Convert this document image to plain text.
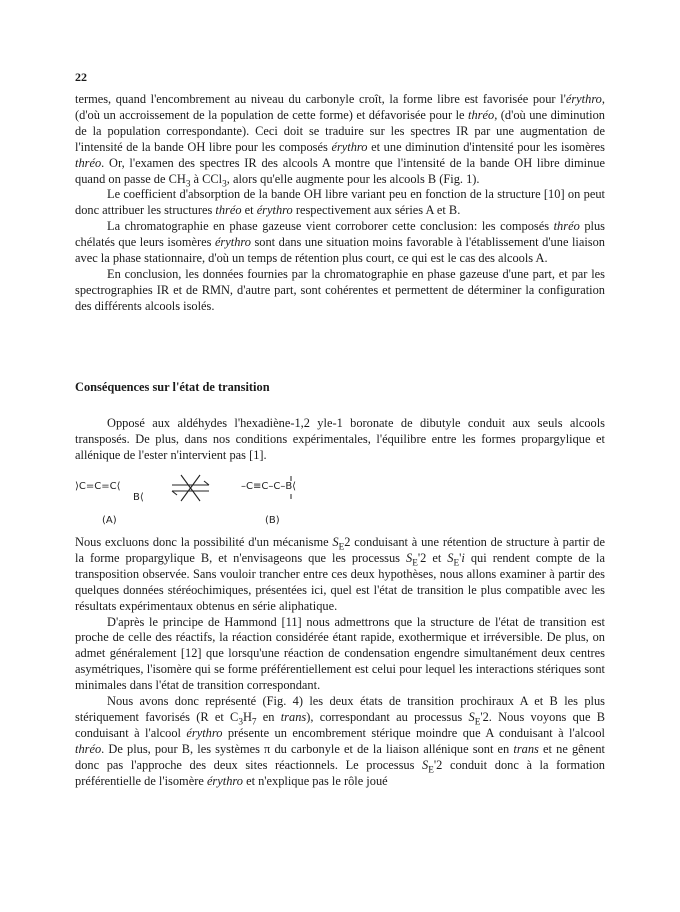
22

termes, quand l'encombrement au niveau du carbonyle croît, la forme libre est favorisée pour l'érythro, (d'où un accroissement de la population de cette forme) et défavorisée pour le thréo, (d'où une diminution de la population correspondante). Ceci doit se traduire sur les spectres IR par une augmentation de l'intensité de la bande OH libre pour les composés érythro et une diminution d'intensité pour les isomères thréo. Or, l'examen des spectres IR des alcools A montre que l'intensité de la bande OH libre diminue quand on passe de $CH_3$ à CCl$_3$, alors qu'elle augmente pour les alcools B (Fig. 1).

Le coefficient d'absorption de la bande OH libre variant peu en fonction de la structure [10] on peut donc attribuer les structures thréo et érythro respectivement aux séries A et B.

La chromatographie en phase gazeuse vient corroborer cette conclusion: les composés thréo plus chélatés que leurs isomères érythro sont dans une situation moins favorable à l'établissement d'une liaison avec la phase stationnaire, d'où un temps de rétention plus court, ce qui est le cas des alcools A.

En conclusion, les données fournies par la chromatographie en phase gazeuse d'une part, et par les spectrographies IR et de RMN, d'autre part, sont cohérentes et permettent de déterminer la configuration des différents alcools isolés.

Conséquences sur l'état de transition

Opposé aux aldéhydes l'hexadiène-1,2 yle-1 boronate de dibutyle conduit aux seuls alcools transposés. De plus, dans nos conditions expérimentales, l'équilibre entre les formes propargylique et allénique de l'ester n'intervient pas [1].

⟩C=C=C⟨
B⟨
–C≡C–C–B⟨
(A)	(B)

Nous excluons donc la possibilité d'un mécanisme $S_E2$ conduisant à une rétention de structure à partir de la forme propargylique B, et n'envisageons que les processus $S_E'2$ et $S_E'i$ qui rendent compte de la transposition observée. Sans vouloir trancher entre ces deux hypothèses, nous allons examiner à partir des quelques données stéréochimiques, présentées ici, quel est l'état de transition le plus compatible avec les résultats expérimentaux obtenus en série aliphatique.

D'après le principe de Hammond [11] nous admettrons que la structure de l'état de transition est proche de celle des réactifs, la réaction considérée étant rapide, exothermique et irréversible. De plus, on admet généralement [12] que lorsqu'une réaction de condensation engendre simultanément deux centres asymétriques, l'isomère qui se forme préférentiellement est celui pour lequel les interactions stériques sont minimales dans l'état de transition correspondant.

Nous avons donc représenté (Fig. 4) les deux états de transition prochiraux A et B les plus stériquement favorisés (R et $C_3H_7$ en trans), correspondant au processus $S_E'2$. Nous voyons que B conduisant à l'alcool érythro présente un encombrement stérique moindre que A conduisant à l'alcool thréo. De plus, pour B, les systèmes π du carbonyle et de la liaison allénique sont en trans et ne gênent donc pas l'approche des deux sites réactionnels. Le processus $S_E'2$ conduit donc à la formation préférentielle de l'isomère érythro et n'explique pas le rôle joué
